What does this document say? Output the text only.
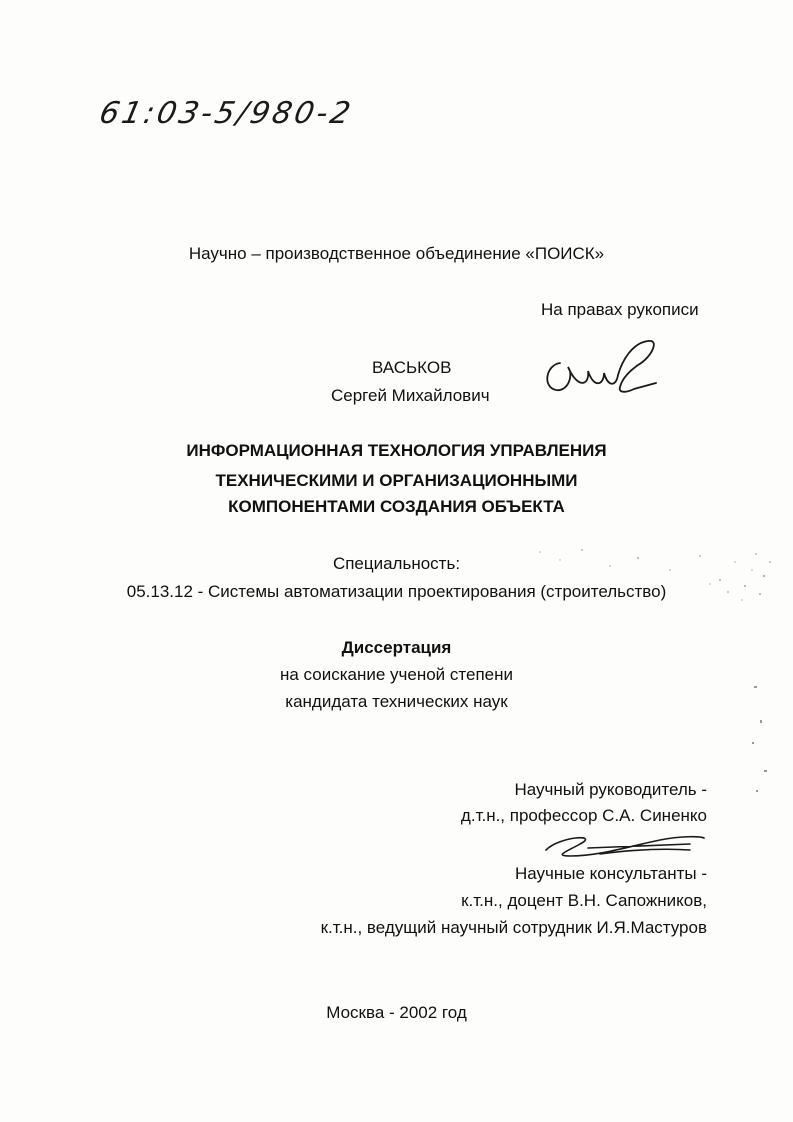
61:03-5/980-2
Научно – производственное объединение «ПОИСК»
На правах рукописи
ВАСЬКОВ
Сергей Михайлович
ИНФОРМАЦИОННАЯ ТЕХНОЛОГИЯ УПРАВЛЕНИЯ
ТЕХНИЧЕСКИМИ И ОРГАНИЗАЦИОННЫМИ
КОМПОНЕНТАМИ СОЗДАНИЯ ОБЪЕКТА
Специальность:
05.13.12 - Системы автоматизации проектирования (строительство)
Диссертация
на соискание ученой степени
кандидата технических наук
Научный руководитель -
д.т.н., профессор С.А. Синенко
Научные консультанты -
к.т.н., доцент В.Н. Сапожников,
к.т.н., ведущий научный сотрудник И.Я.Мастуров
Москва - 2002 год
